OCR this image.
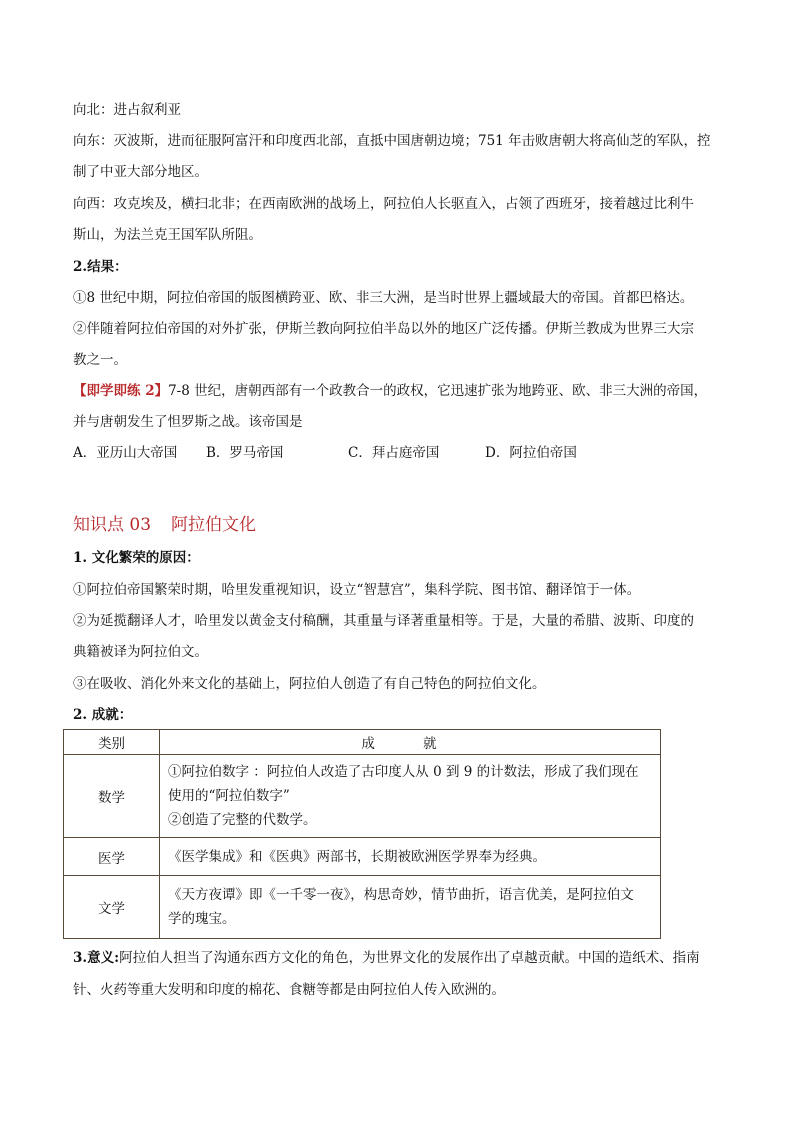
向北：进占叙利亚
向东：灭波斯，进而征服阿富汗和印度西北部，直抵中国唐朝边境；751 年击败唐朝大将高仙芝的军队，控
制了中亚大部分地区。
向西：攻克埃及，横扫北非；在西南欧洲的战场上，阿拉伯人长驱直入，占领了西班牙，接着越过比利牛
斯山，为法兰克王国军队所阻。
2.结果：
①8 世纪中期，阿拉伯帝国的版图横跨亚、欧、非三大洲，是当时世界上疆域最大的帝国。首都巴格达。
②伴随着阿拉伯帝国的对外扩张，伊斯兰教向阿拉伯半岛以外的地区广泛传播。伊斯兰教成为世界三大宗
教之一。
【即学即练 2】7-8 世纪，唐朝西部有一个政教合一的政权，它迅速扩张为地跨亚、欧、非三大洲的帝国，
并与唐朝发生了怛罗斯之战。该帝国是
A．亚历山大帝国 B．罗马帝国	C．拜占庭帝国	D．阿拉伯帝国
知识点 03 阿拉伯文化
1. 文化繁荣的原因：
①阿拉伯帝国繁荣时期，哈里发重视知识，设立“智慧宫”，集科学院、图书馆、翻译馆于一体。
②为延揽翻译人才，哈里发以黄金支付稿酬，其重量与译著重量相等。于是，大量的希腊、波斯、印度的
典籍被译为阿拉伯文。
③在吸收、消化外来文化的基础上，阿拉伯人创造了有自己特色的阿拉伯文化。
2. 成就：
类别	成 就
数学	①阿拉伯数字 ：阿拉伯人改造了古印度人从 0 到 9 的计数法，形成了我们现在
使用的“阿拉伯数字”
②创造了完整的代数学。

医学	《医学集成》和《医典》两部书，长期被欧洲医学界奉为经典。

文学	《天方夜谭》即《一千零一夜》，构思奇妙，情节曲折，语言优美，是阿拉伯文
学的瑰宝。
3.意义:阿拉伯人担当了沟通东西方文化的角色，为世界文化的发展作出了卓越贡献。中国的造纸术、指南
针、火药等重大发明和印度的棉花、食糖等都是由阿拉伯人传入欧洲的。
